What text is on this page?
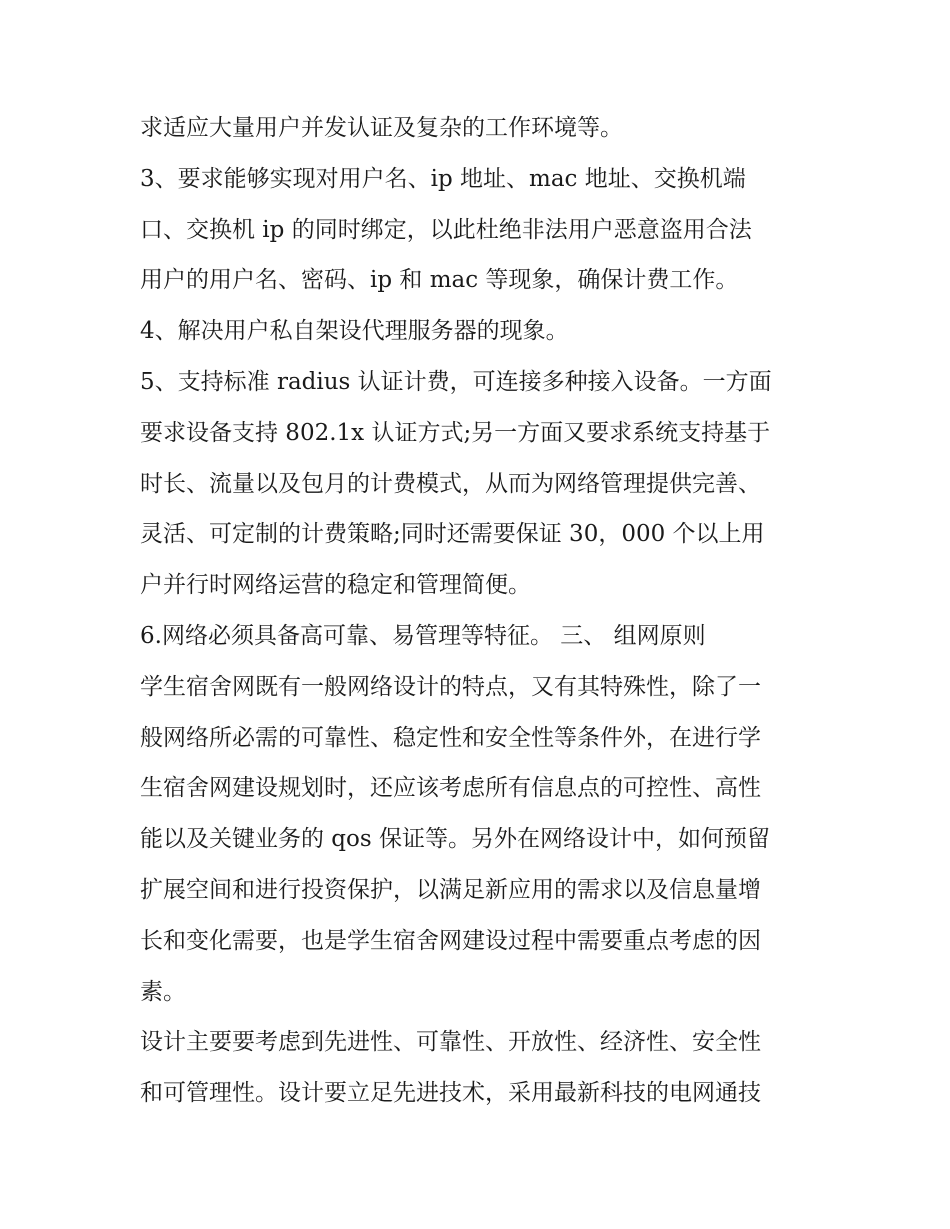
求适应大量用户并发认证及复杂的工作环境等。
3、要求能够实现对用户名、ip 地址、mac 地址、交换机端
口、交换机 ip 的同时绑定，以此杜绝非法用户恶意盗用合法
用户的用户名、密码、ip 和 mac 等现象，确保计费工作。
4、解决用户私自架设代理服务器的现象。
5、支持标准 radius 认证计费，可连接多种接入设备。一方面
要求设备支持 802.1x 认证方式;另一方面又要求系统支持基于
时长、流量以及包月的计费模式，从而为网络管理提供完善、
灵活、可定制的计费策略;同时还需要保证 30，000 个以上用
户并行时网络运营的稳定和管理简便。
6.网络必须具备高可靠、易管理等特征。 三、 组网原则
学生宿舍网既有一般网络设计的特点，又有其特殊性，除了一
般网络所必需的可靠性、稳定性和安全性等条件外，在进行学
生宿舍网建设规划时，还应该考虑所有信息点的可控性、高性
能以及关键业务的 qos 保证等。另外在网络设计中，如何预留
扩展空间和进行投资保护，以满足新应用的需求以及信息量增
长和变化需要，也是学生宿舍网建设过程中需要重点考虑的因
素。
设计主要要考虑到先进性、可靠性、开放性、经济性、安全性
和可管理性。设计要立足先进技术，采用最新科技的电网通技
